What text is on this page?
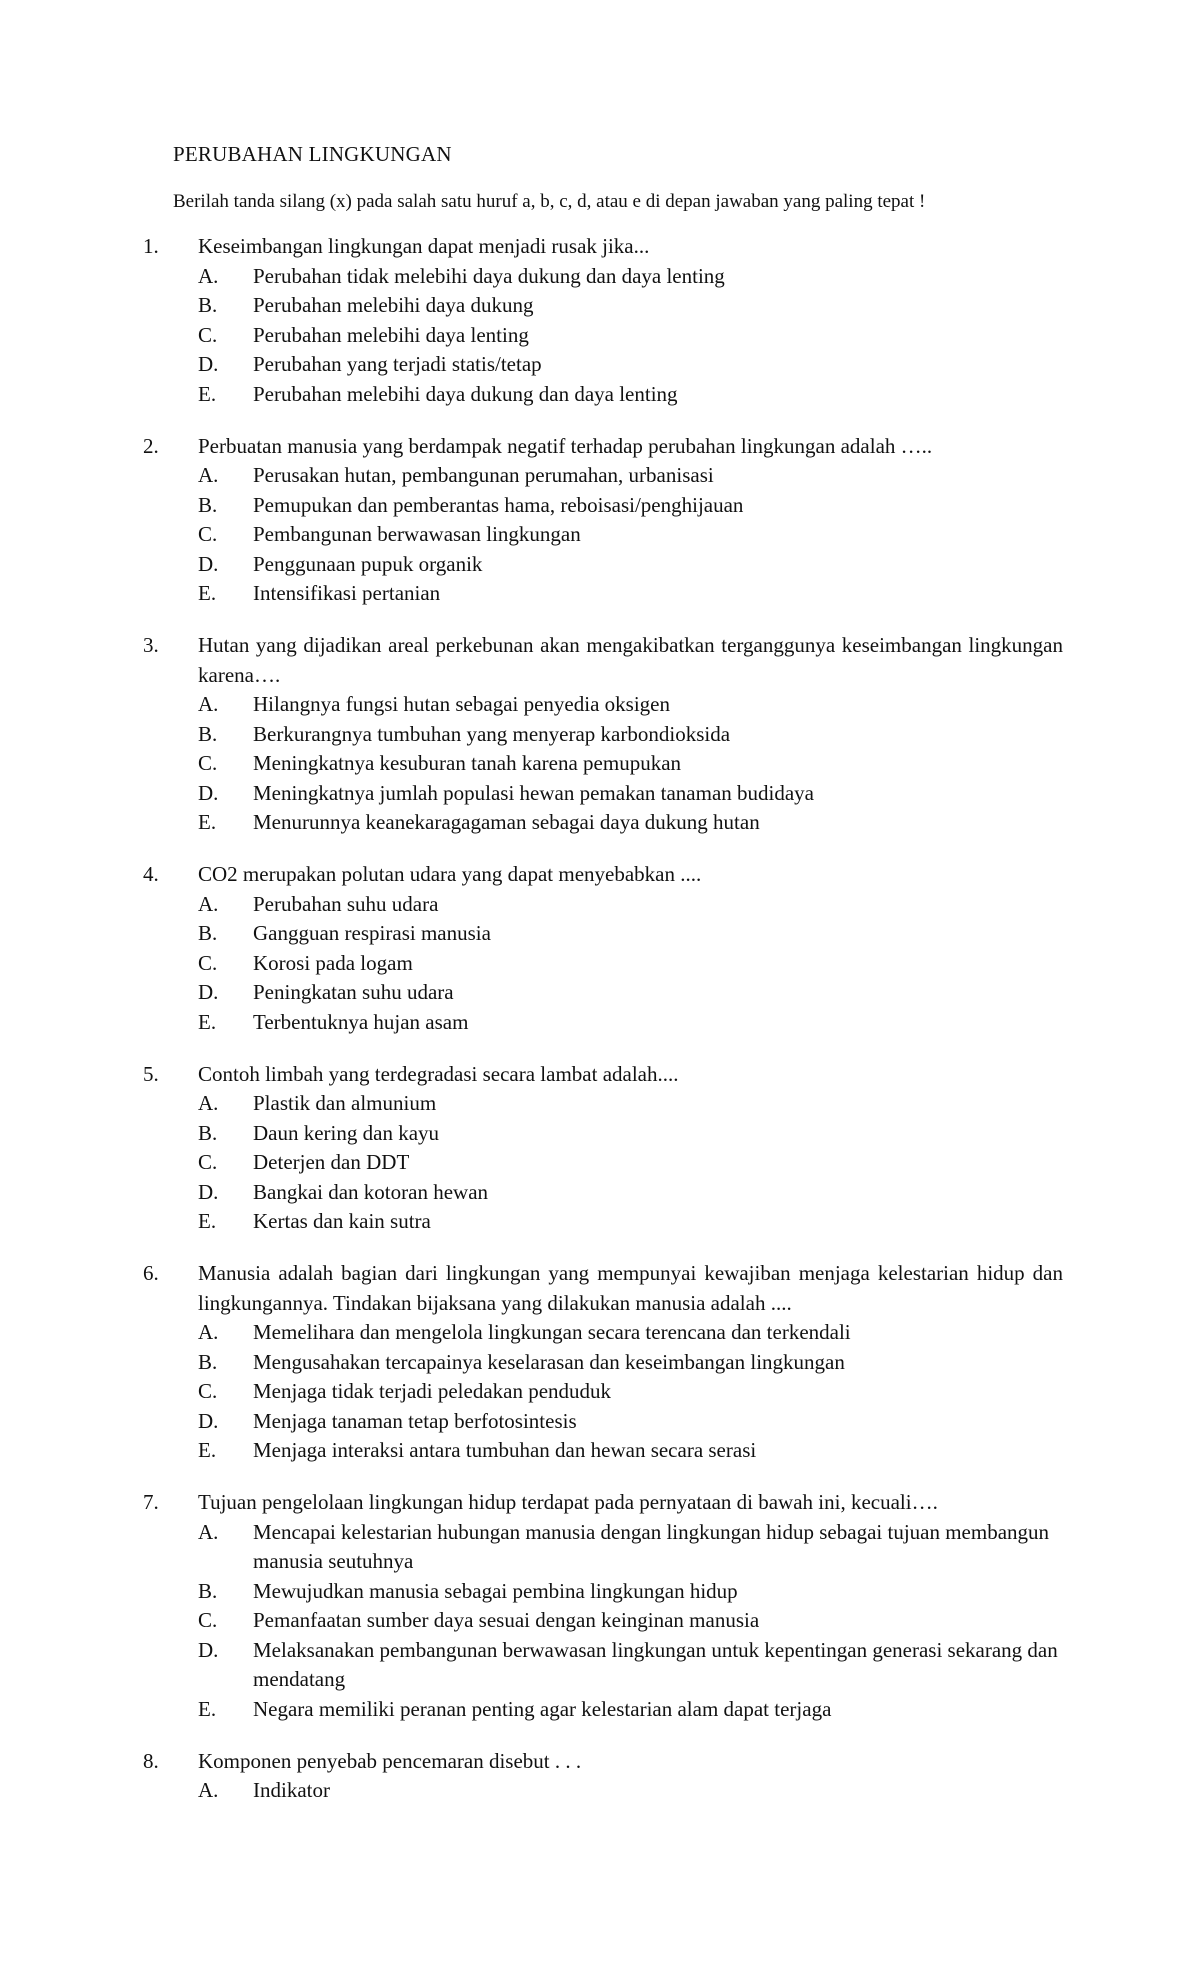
PERUBAHAN LINGKUNGAN
Berilah tanda silang (x) pada salah satu huruf a, b, c, d, atau e di depan jawaban yang paling tepat !
1.	Keseimbangan lingkungan dapat menjadi rusak jika...
A.	Perubahan tidak melebihi daya dukung dan daya lenting
B.	Perubahan melebihi daya dukung
C.	Perubahan melebihi daya lenting
D.	Perubahan yang terjadi statis/tetap
E.	Perubahan melebihi daya dukung dan daya lenting
2.	Perbuatan manusia yang berdampak negatif terhadap perubahan lingkungan adalah …..
A.	Perusakan hutan, pembangunan perumahan, urbanisasi
B.	Pemupukan dan pemberantas hama, reboisasi/penghijauan
C.	Pembangunan berwawasan lingkungan
D.	Penggunaan pupuk organik
E.	Intensifikasi pertanian
3.	Hutan yang dijadikan areal perkebunan akan mengakibatkan terganggunya keseimbangan lingkungan karena….
A.	Hilangnya fungsi hutan sebagai penyedia oksigen
B.	Berkurangnya tumbuhan yang menyerap karbondioksida
C.	Meningkatnya kesuburan tanah karena pemupukan
D.	Meningkatnya jumlah populasi hewan pemakan tanaman budidaya
E.	Menurunnya keanekaragagaman sebagai daya dukung hutan
4.	CO2 merupakan polutan udara yang dapat menyebabkan ....
A.	Perubahan suhu udara
B.	Gangguan respirasi manusia
C.	Korosi pada logam
D.	Peningkatan suhu udara
E.	Terbentuknya hujan asam
5.	Contoh limbah yang terdegradasi secara lambat adalah....
A.	Plastik dan almunium
B.	Daun kering dan kayu
C.	Deterjen dan DDT
D.	Bangkai dan kotoran hewan
E.	Kertas dan kain sutra
6.	Manusia adalah bagian dari lingkungan yang mempunyai kewajiban menjaga kelestarian hidup dan lingkungannya. Tindakan bijaksana yang dilakukan manusia adalah ....
A.	Memelihara dan mengelola lingkungan secara terencana dan terkendali
B.	Mengusahakan tercapainya keselarasan dan keseimbangan lingkungan
C.	Menjaga tidak terjadi peledakan penduduk
D.	Menjaga tanaman tetap berfotosintesis
E.	Menjaga interaksi antara tumbuhan dan hewan secara serasi
7.	Tujuan pengelolaan lingkungan hidup terdapat pada pernyataan di bawah ini, kecuali….
A.	Mencapai kelestarian hubungan manusia dengan lingkungan hidup sebagai tujuan membangun manusia seutuhnya
B.	Mewujudkan manusia sebagai pembina lingkungan hidup
C.	Pemanfaatan sumber daya sesuai dengan keinginan manusia
D.	Melaksanakan pembangunan berwawasan lingkungan untuk kepentingan generasi sekarang dan mendatang
E.	Negara memiliki peranan penting agar kelestarian alam dapat terjaga
8.	Komponen penyebab pencemaran disebut . . .
A.	Indikator
